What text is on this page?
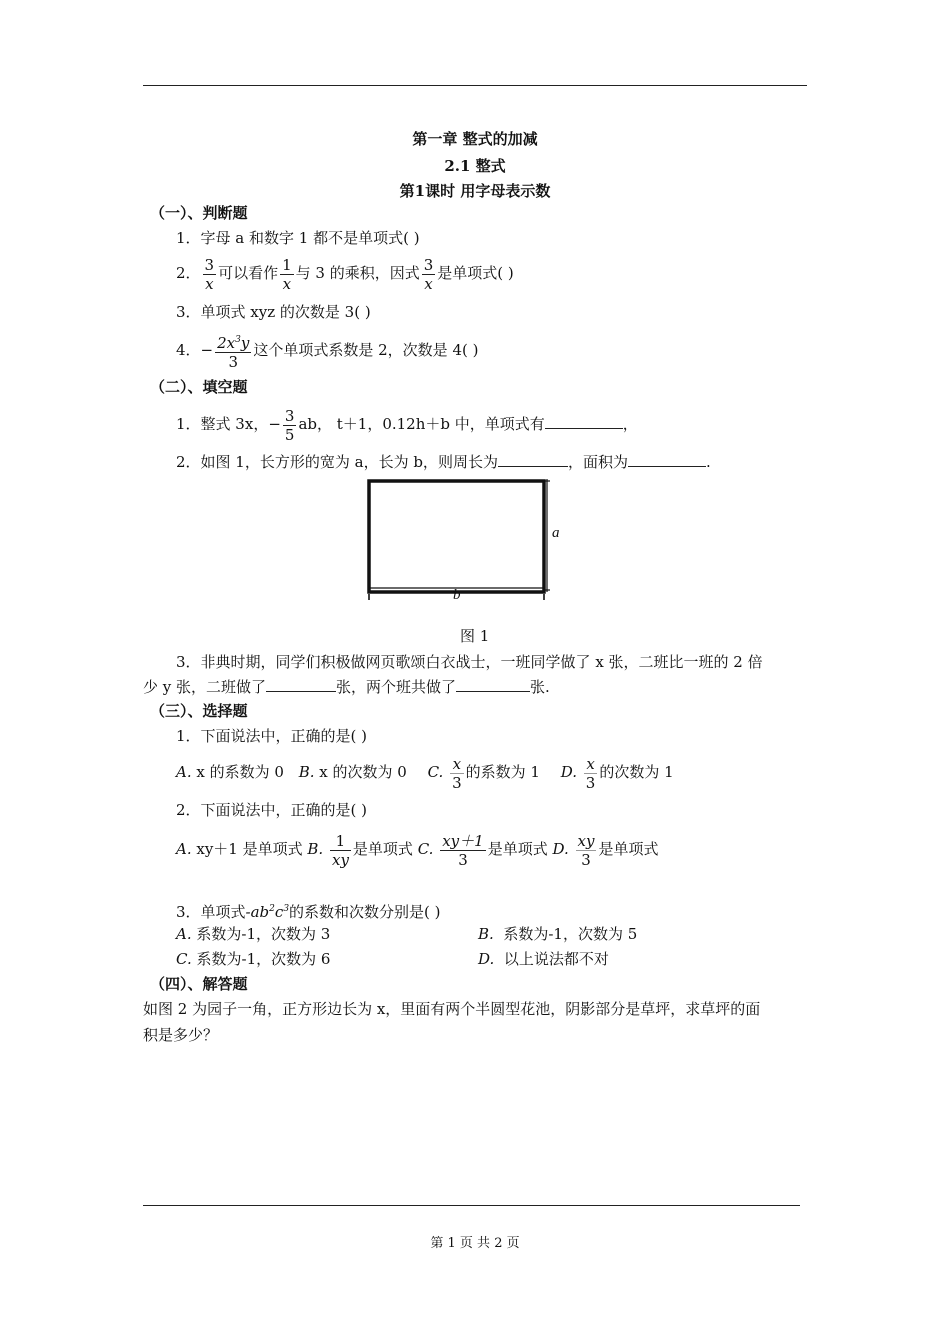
第一章 整式的加减
2.1 整式
第1课时 用字母表示数
（一）、判断题
1．字母 a 和数字 1 都不是单项式( )
2． $\frac{3}{x}$ 可以看作 $\frac{1}{x}$ 与 3 的乘积，因式 $\frac{3}{x}$ 是单项式( )
3．单项式 xyz 的次数是 3( )
4．− $\frac{2x^3y}{3}$ 这个单项式系数是 2，次数是 4( )
（二）、填空题
1．整式 3x，− $\frac{3}{5}$ ab， t＋1，0.12h＋b 中，单项式有	，
2．如图 1，长方形的宽为 a，长为 b，则周长为	，面积为	.
a
b
图 1
3．非典时期，同学们积极做网页歌颂白衣战士，一班同学做了 x 张，二班比一班的 2 倍
少 y 张，二班做了	张，两个班共做了	张.
（三）、选择题
1．下面说法中，正确的是( )
A. x 的系数为 0 B. x 的次数为 0 C. $\frac{x}{3}$ 的系数为 1 D. $\frac{x}{3}$ 的次数为 1
2．下面说法中，正确的是( )
A. xy＋1 是单项式 B. $\frac{1}{xy}$ 是单项式 C. $\frac{xy+1}{3}$ 是单项式 D. $\frac{xy}{3}$ 是单项式
3．单项式$-ab^2c^3$的系数和次数分别是( )
A. 系数为-1，次数为 3	B. 系数为-1，次数为 5
C. 系数为-1，次数为 6	D. 以上说法都不对
（四）、解答题
如图 2 为园子一角，正方形边长为 x，里面有两个半圆型花池，阴影部分是草坪，求草坪的面
积是多少？
第 1 页 共 2 页
